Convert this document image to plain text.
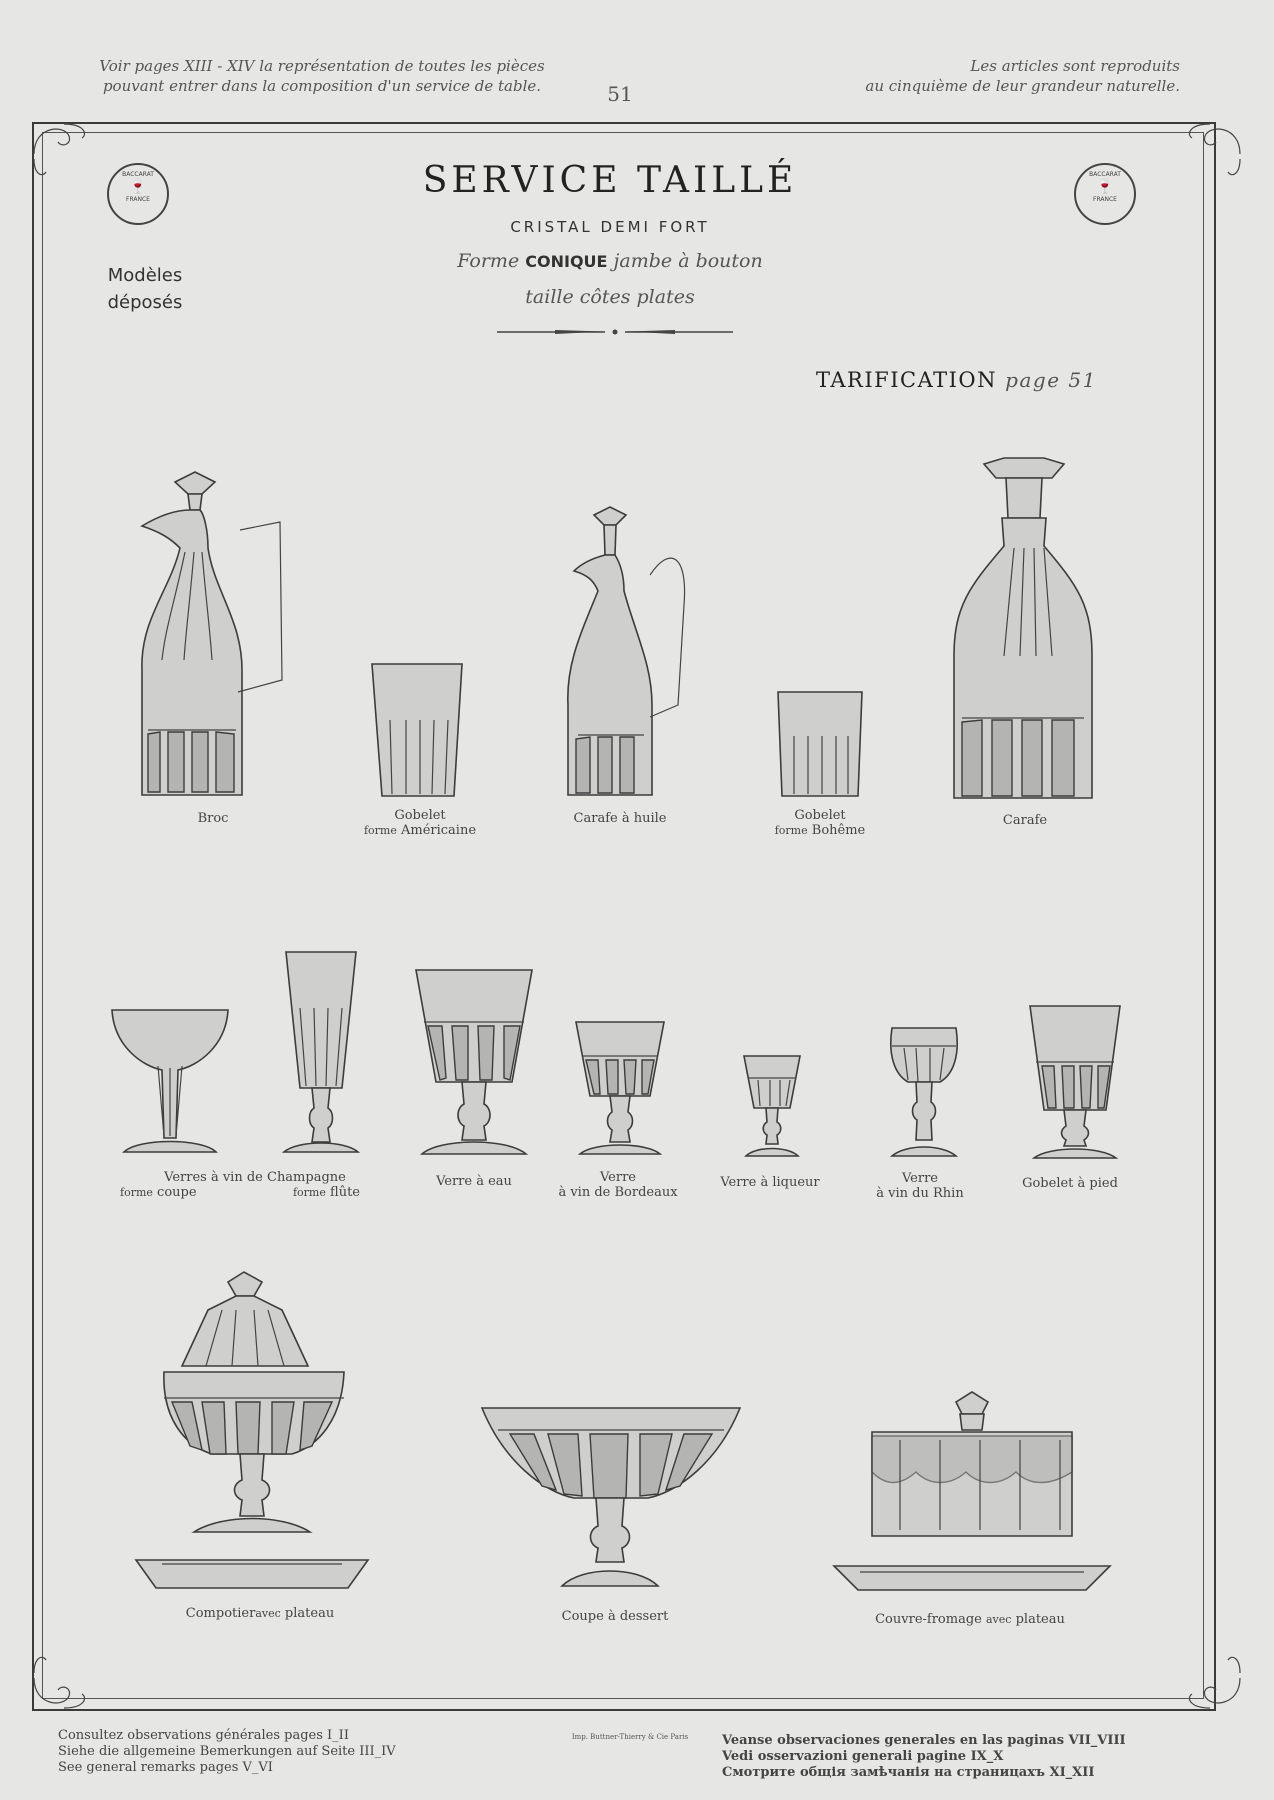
Voir pages XIII - XIV la représentation de toutes les pièces
pouvant entrer dans la composition d'un service de table.	51
Les articles sont reproduits
au cinquième de leur grandeur naturelle.
BACCARAT
🍷
FRANCE
BACCARAT
🍷
FRANCE
SERVICE TAILLÉ
CRISTAL DEMI FORT
Forme CONIQUE jambe à bouton
taille côtes plates
Modèles
déposés
TARIFICATION page 51
Broc	Gobelet
forme Américaine
Carafe à huile	Gobelet
forme Bohême
Carafe
Verres à vin de Champagne
forme coupe	forme flûte
Verre à eau	Verre
à vin de Bordeaux
Verre à liqueur	Verre
à vin du Rhin
Gobelet à pied
Compotieravec plateau	Coupe à dessert	Couvre-fromage avec plateau
Imp. Buttner-Thierry & Cie Paris
Consultez observations générales pages I_II
Siehe die allgemeine Bemerkungen auf Seite III_IV
See general remarks pages V_VI
Veanse observaciones generales en las paginas VII_VIII
Vedi osservazioni generali pagine IX_X
Смотрите общія замѣчанія на страницахъ XI_XII
